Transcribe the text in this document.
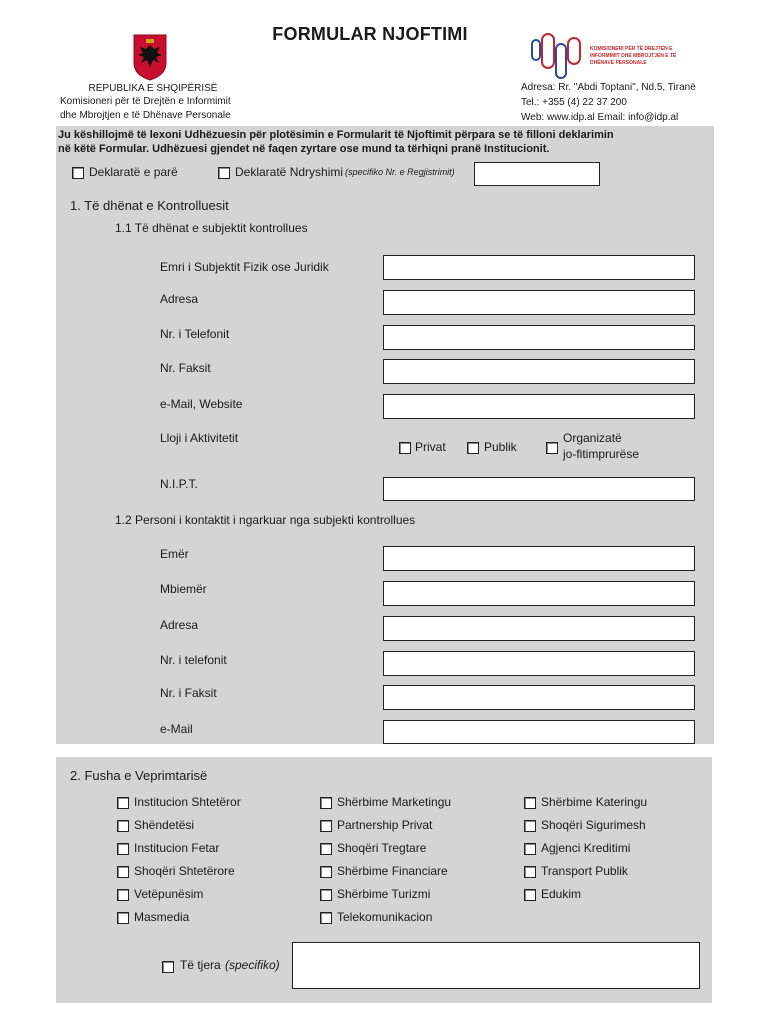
FORMULAR NJOFTIMI
REPUBLIKA E SHQIPËRISË
Komisioneri për të Drejtën e Informimit
dhe Mbrojtjen e të Dhënave Personale
KOMISIONERI PËR TË DREJTËN E INFORMIMIT DHE MBROJTJEN E TË DHËNAVE PERSONALE
Adresa: Rr. "Abdi Toptani", Nd.5, Tiranë
Tel.: +355 (4) 22 37 200
Web: www.idp.al Email: info@idp.al
Ju këshillojmë të lexoni Udhëzuesin për plotësimin e Formularit të Njoftimit përpara se të filloni deklarimin
në këtë Formular. Udhëzuesi gjendet në faqen zyrtare ose mund ta tërhiqni pranë Institucionit.
Deklaratë e parë	Deklaratë Ndryshimi (specifiko Nr. e Regjistrimit)
1. Të dhënat e Kontrolluesit
1.1 Të dhënat e subjektit kontrollues
Emri i Subjektit Fizik ose Juridik
Adresa
Nr. i Telefonit
Nr. Faksit
e-Mail, Website
Lloji i Aktivitetit
Privat	Publik
Organizatë
jo-fitimprurëse
N.I.P.T.
1.2 Personi i kontaktit i ngarkuar nga subjekti kontrollues
Emër
Mbiemër
Adresa
Nr. i telefonit
Nr. i Faksit
e-Mail
2. Fusha e Veprimtarisë
Institucion Shtetëror
Shëndetësi
Institucion Fetar
Shoqëri Shtetërore
Vetëpunësim
Masmedia
Shërbime Marketingu
Partnership Privat
Shoqëri Tregtare
Shërbime Financiare
Shërbime Turizmi
Telekomunikacion
Shërbime Kateringu
Shoqëri Sigurimesh
Agjenci Kreditimi
Transport Publik
Edukim
Të tjera (specifiko)
